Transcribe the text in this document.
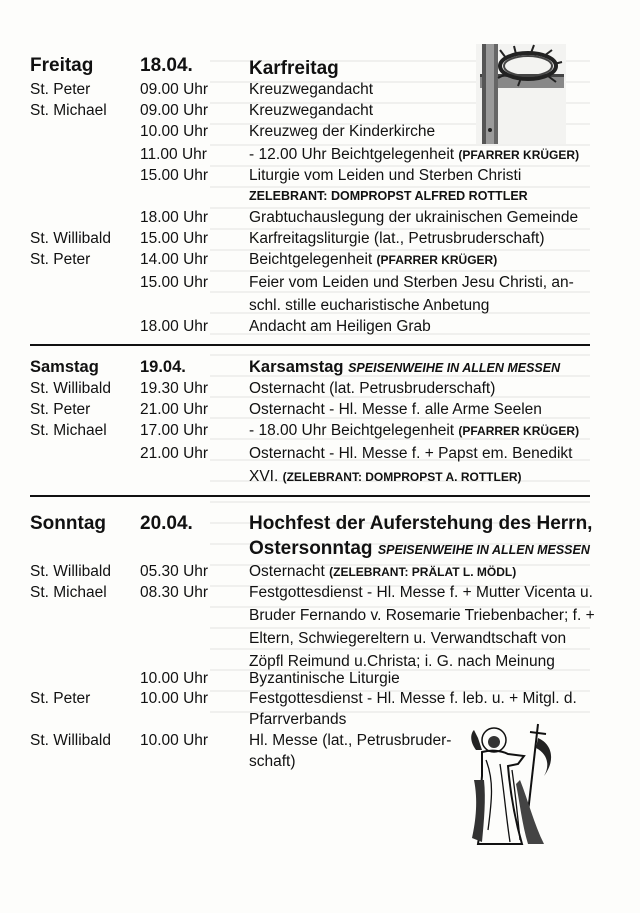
Freitag 18.04.	Karfreitag
St. Peter	09.00 Uhr	Kreuzwegandacht
St. Michael 09.00 Uhr	Kreuzwegandacht
10.00 Uhr	Kreuzweg der Kinderkirche
11.00 Uhr	- 12.00 Uhr Beichtgelegenheit (PFARRER KRÜGER)
15.00 Uhr	Liturgie vom Leiden und Sterben Christi
ZELEBRANT: DOMPROPST ALFRED ROTTLER
18.00 Uhr	Grabtuchauslegung der ukrainischen Gemeinde
St. Willibald 15.00 Uhr	Karfreitagsliturgie (lat., Petrusbruderschaft)
St. Peter	14.00 Uhr	Beichtgelegenheit (PFARRER KRÜGER)
15.00 Uhr	Feier vom Leiden und Sterben Jesu Christi, an-
schl. stille eucharistische Anbetung
18.00 Uhr	Andacht am Heiligen Grab
Samstag 19.04.	Karsamstag SPEISENWEIHE IN ALLEN MESSEN
St. Willibald 19.30 Uhr	Osternacht (lat. Petrusbruderschaft)
St. Peter	21.00 Uhr	Osternacht - Hl. Messe f. alle Arme Seelen
St. Michael 17.00 Uhr	- 18.00 Uhr Beichtgelegenheit (PFARRER KRÜGER)
21.00 Uhr	Osternacht - Hl. Messe f. + Papst em. Benedikt
XVI. (ZELEBRANT: DOMPROPST A. ROTTLER)
Sonntag 20.04.	Hochfest der Auferstehung des Herrn,
Ostersonntag SPEISENWEIHE IN ALLEN MESSEN
St. Willibald 05.30 Uhr	Osternacht (ZELEBRANT: PRÄLAT L. MÖDL)
St. Michael 08.30 Uhr	Festgottesdienst - Hl. Messe f. + Mutter Vicenta u.
Bruder Fernando v. Rosemarie Triebenbacher; f. +
Eltern, Schwiegereltern u. Verwandtschaft von
Zöpfl Reimund u.Christa; i. G. nach Meinung
10.00 Uhr	Byzantinische Liturgie
St. Peter	10.00 Uhr	Festgottesdienst - Hl. Messe f. leb. u. + Mitgl. d.
Pfarrverbands
St. Willibald 10.00 Uhr	Hl. Messe (lat., Petrusbruder-
schaft)
